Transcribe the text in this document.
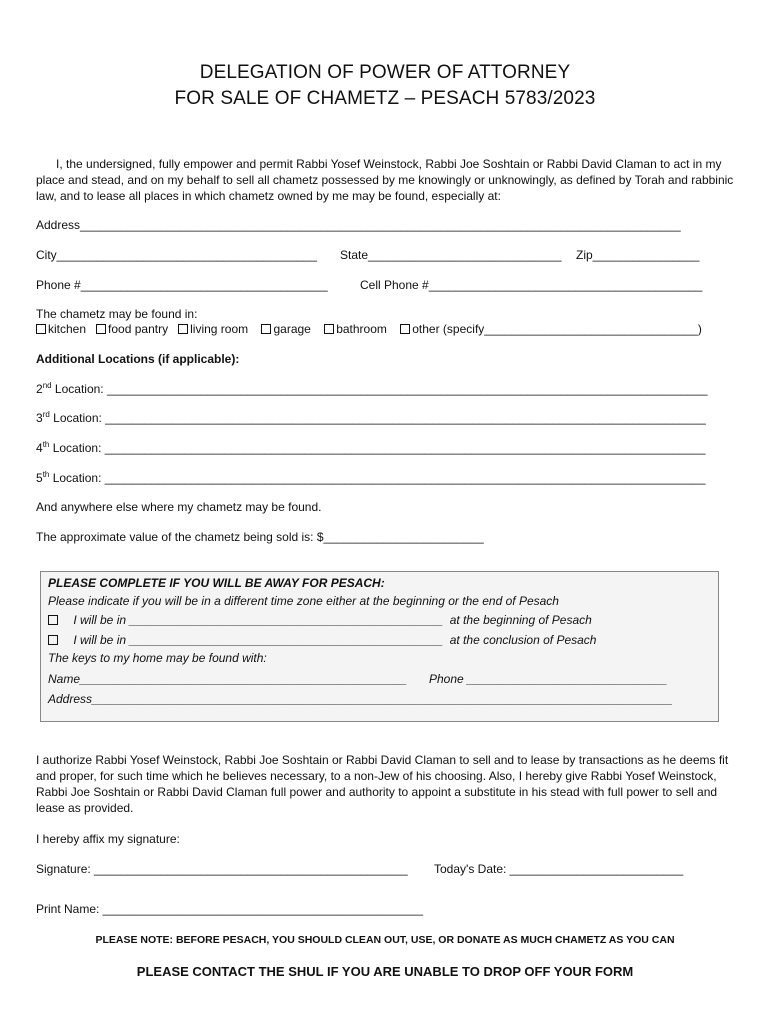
DELEGATION OF POWER OF ATTORNEY
FOR SALE OF CHAMETZ – PESACH 5783/2023
I, the undersigned, fully empower and permit Rabbi Yosef Weinstock, Rabbi Joe Soshtain or Rabbi David Claman to act in my place and stead, and on my behalf to sell all chametz possessed by me knowingly or unknowingly, as defined by Torah and rabbinic law, and to lease all places in which chametz owned by me may be found, especially at:
Address__________________________________________________________________________________________
City_______________________________________ State_____________________________ Zip________________
Phone #_____________________________________	Cell Phone #_________________________________________
The chametz may be found in:
kitchen food pantry living room garage bathroom other (specify________________________________)
Additional Locations (if applicable):
2nd Location: __________________________________________________________________________________________
3rd Location: __________________________________________________________________________________________
4th Location: __________________________________________________________________________________________
5th Location: __________________________________________________________________________________________
And anywhere else where my chametz may be found.
The approximate value of the chametz being sold is: $________________________
PLEASE COMPLETE IF YOU WILL BE AWAY FOR PESACH:
Please indicate if you will be in a different time zone either at the beginning or the end of Pesach
I will be in _______________________________________________ at the beginning of Pesach
I will be in _______________________________________________ at the conclusion of Pesach
The keys to my home may be found with:
Name_________________________________________________ Phone ______________________________
Address_______________________________________________________________________________________
I authorize Rabbi Yosef Weinstock, Rabbi Joe Soshtain or Rabbi David Claman to sell and to lease by transactions as he deems fit and proper, for such time which he believes necessary, to a non-Jew of his choosing. Also, I hereby give Rabbi Yosef Weinstock, Rabbi Joe Soshtain or Rabbi David Claman full power and authority to appoint a substitute in his stead with full power to sell and lease as provided.
I hereby affix my signature:
Signature: _______________________________________________ Today's Date: __________________________
Print Name: ________________________________________________
PLEASE NOTE: BEFORE PESACH, YOU SHOULD CLEAN OUT, USE, OR DONATE AS MUCH CHAMETZ AS YOU CAN
PLEASE CONTACT THE SHUL IF YOU ARE UNABLE TO DROP OFF YOUR FORM
